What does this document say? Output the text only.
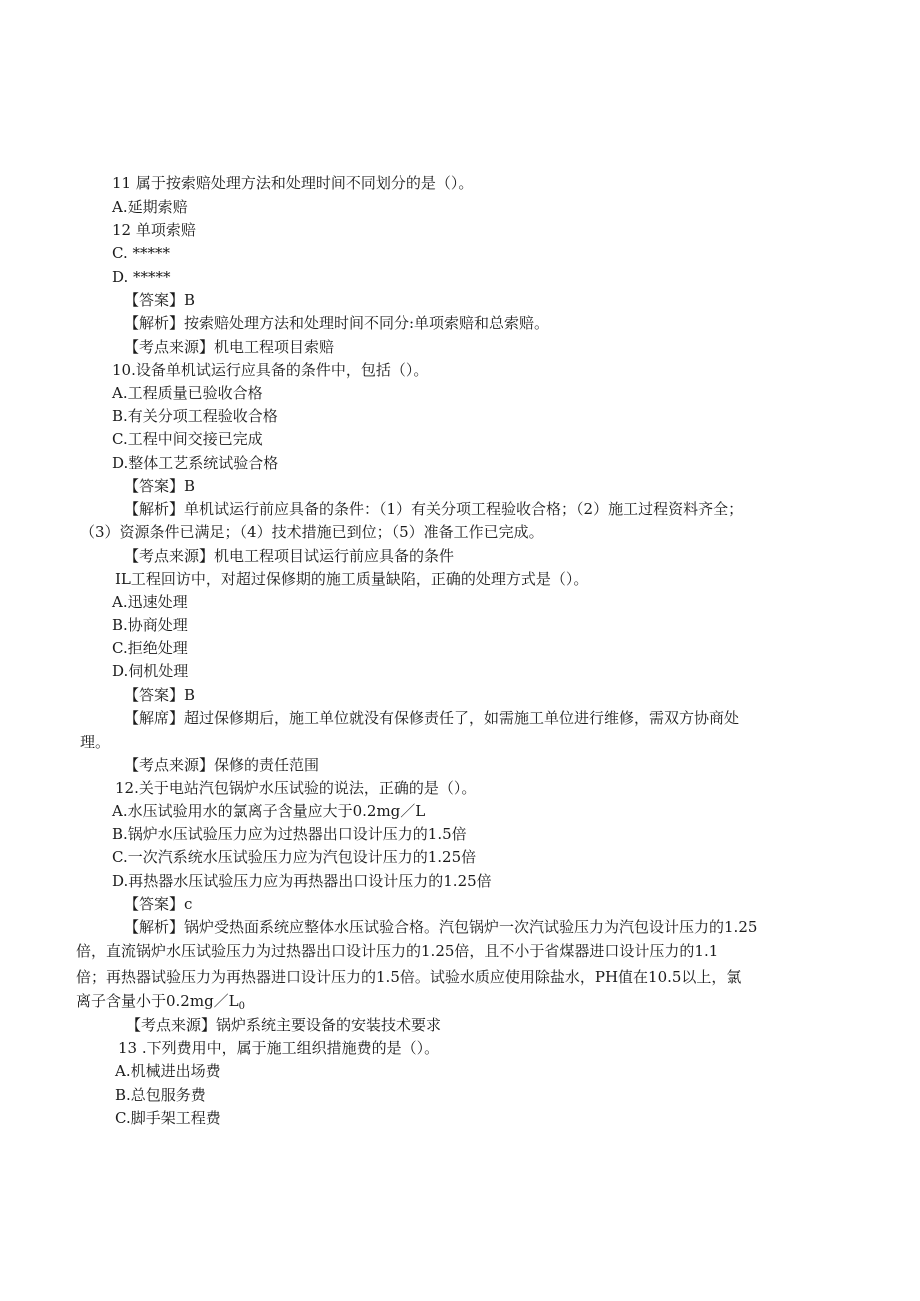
11 属于按索赔处理方法和处理时间不同划分的是（）。
A.延期索赔
12 单项索赔
C. *****
D. *****
【答案】B
【解析】按索赔处理方法和处理时间不同分:单项索赔和总索赔。
【考点来源】机电工程项目索赔
10.设备单机试运行应具备的条件中，包括（）。
A.工程质量已验收合格
B.有关分项工程验收合格
C.工程中间交接已完成
D.整体工艺系统试验合格
【答案】B
【解析】单机试运行前应具备的条件：（1）有关分项工程验收合格；（2）施工过程资料齐全；
（3）资源条件已满足；（4）技术措施已到位；（5）准备工作已完成。
【考点来源】机电工程项目试运行前应具备的条件
IL工程回访中，对超过保修期的施工质量缺陷，正确的处理方式是（）。
A.迅速处理
B.协商处理
C.拒绝处理
D.伺机处理
【答案】B
【解席】超过保修期后，施工单位就没有保修责任了，如需施工单位进行维修，需双方协商处
理。
【考点来源】保修的责任范围
12.关于电站汽包锅炉水压试验的说法，正确的是（）。
A.水压试验用水的氯离子含量应大于0.2mg／L
B.锅炉水压试验压力应为过热器出口设计压力的1.5倍
C.一次汽系统水压试验压力应为汽包设计压力的1.25倍
D.再热器水压试验压力应为再热器出口设计压力的1.25倍
【答案】c
【解析】锅炉受热面系统应整体水压试验合格。汽包锅炉一次汽试验压力为汽包设计压力的1.25
倍，直流锅炉水压试验压力为过热器出口设计压力的1.25倍，且不小于省煤器进口设计压力的1.1
倍；再热器试验压力为再热器进口设计压力的1.5倍。试验水质应使用除盐水，PH值在10.5以上，氯
离子含量小于$0.2mg/L_0$
【考点来源】锅炉系统主要设备的安装技术要求
13 .下列费用中，属于施工组织措施费的是（）。
A.机械进出场费
B.总包服务费
C.脚手架工程费
